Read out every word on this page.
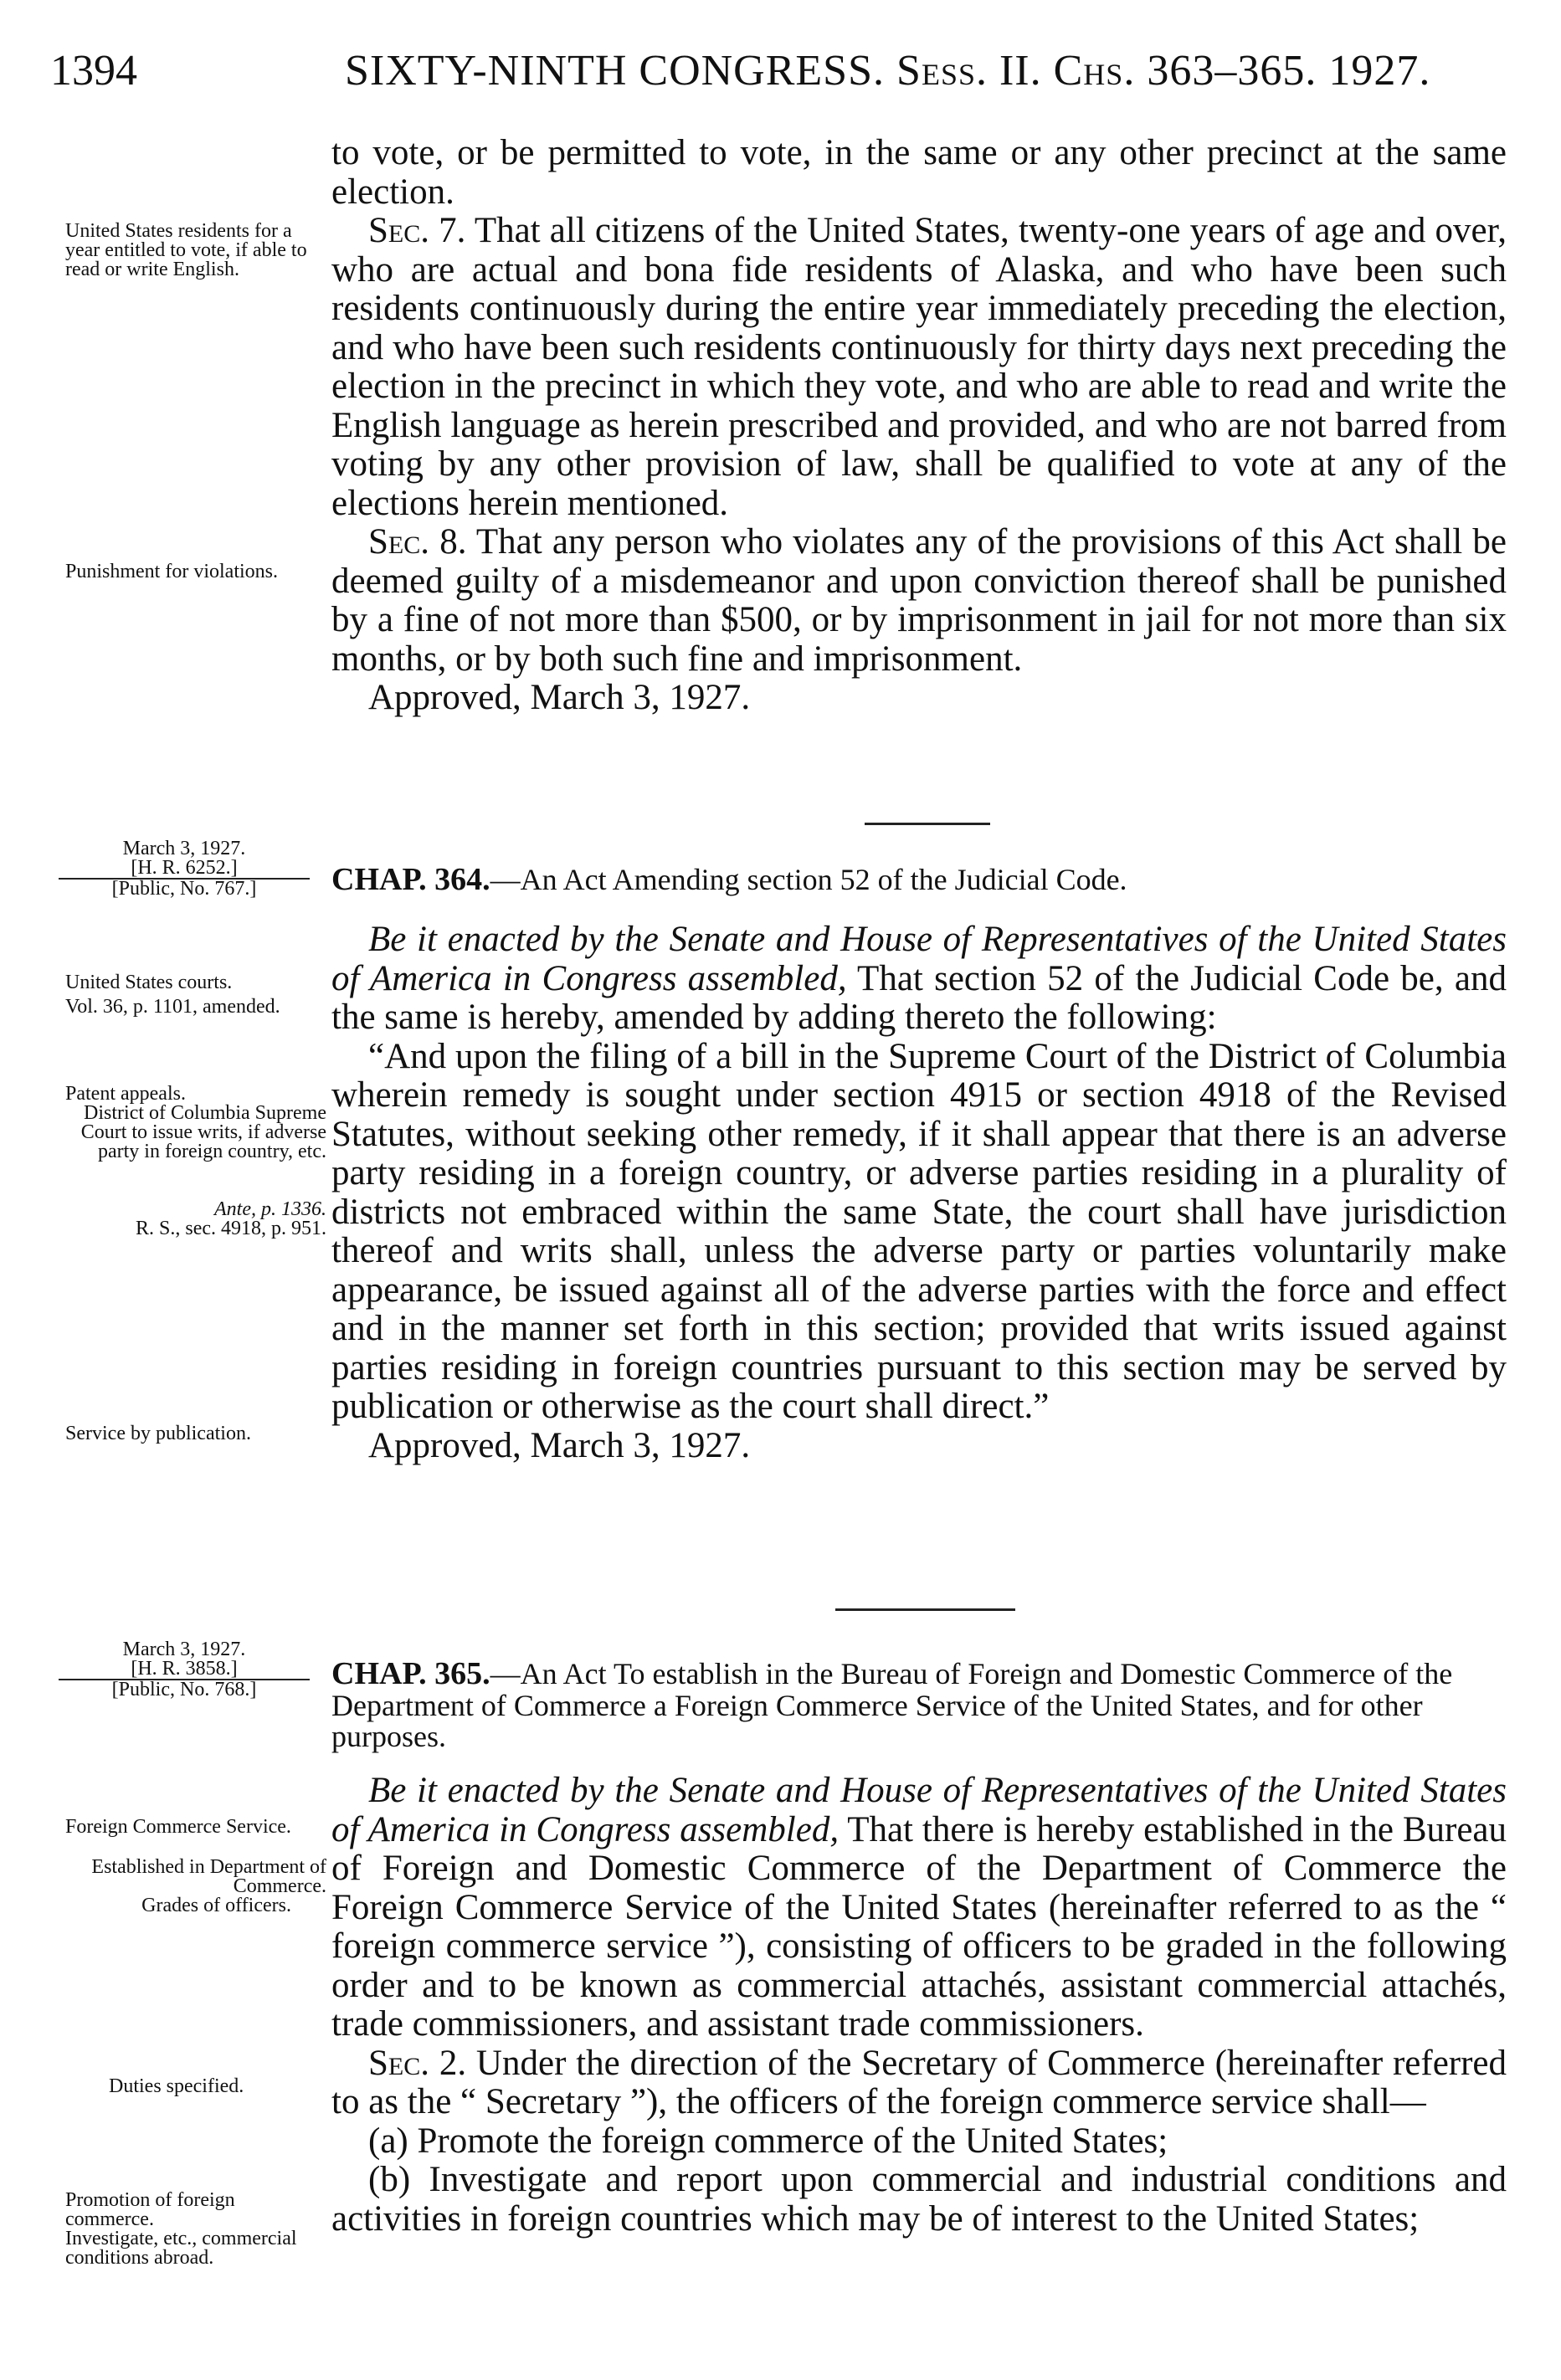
1394	SIXTY-NINTH CONGRESS. Sess. II. Chs. 363–365. 1927.

to vote, or be permitted to vote, in the same or any other precinct at the same election.

Sec. 7. That all citizens of the United States, twenty-one years of age and over, who are actual and bona fide residents of Alaska, and who have been such residents continuously during the entire year immediately preceding the election, and who have been such residents continuously for thirty days next preceding the election in the precinct in which they vote, and who are able to read and write the English language as herein prescribed and provided, and who are not barred from voting by any other provision of law, shall be qualified to vote at any of the elections herein mentioned.

Sec. 8. That any person who violates any of the provisions of this Act shall be deemed guilty of a misdemeanor and upon conviction thereof shall be punished by a fine of not more than $500, or by imprisonment in jail for not more than six months, or by both such fine and imprisonment.

Approved, March 3, 1927.

United States residents for a year entitled to vote, if able to read or write English.
Punishment for violations.
March 3, 1927.
[H. R. 6252.]
[Public, No. 767.]	CHAP. 364.—An Act Amending section 52 of the Judicial Code.

Be it enacted by the Senate and House of Representatives of the United States of America in Congress assembled, That section 52 of the Judicial Code be, and the same is hereby, amended by adding thereto the following:

“And upon the filing of a bill in the Supreme Court of the District of Columbia wherein remedy is sought under section 4915 or section 4918 of the Revised Statutes, without seeking other remedy, if it shall appear that there is an adverse party residing in a foreign country, or adverse parties residing in a plurality of districts not embraced within the same State, the court shall have jurisdiction thereof and writs shall, unless the adverse party or parties voluntarily make appearance, be issued against all of the adverse parties with the force and effect and in the manner set forth in this section; provided that writs issued against parties residing in foreign countries pursuant to this section may be served by publication or otherwise as the court shall direct.”

Approved, March 3, 1927.

United States courts.
Vol. 36, p. 1101, amended.
Patent appeals.
District of Columbia Supreme Court to issue writs, if adverse party in foreign country, etc.
Ante, p. 1336.
R. S., sec. 4918, p. 951.
Service by publication.
March 3, 1927.
[H. R. 3858.]
[Public, No. 768.]	CHAP. 365.—An Act To establish in the Bureau of Foreign and Domestic Commerce of the Department of Commerce a Foreign Commerce Service of the United States, and for other purposes.

Be it enacted by the Senate and House of Representatives of the United States of America in Congress assembled, That there is hereby established in the Bureau of Foreign and Domestic Commerce of the Department of Commerce the Foreign Commerce Service of the United States (hereinafter referred to as the “ foreign commerce service ”), consisting of officers to be graded in the following order and to be known as commercial attachés, assistant commercial attachés, trade commissioners, and assistant trade commissioners.

Sec. 2. Under the direction of the Secretary of Commerce (hereinafter referred to as the “ Secretary ”), the officers of the foreign commerce service shall—

(a) Promote the foreign commerce of the United States;

(b) Investigate and report upon commercial and industrial conditions and activities in foreign countries which may be of interest to the United States;

Foreign Commerce Service.
Established in Department of Commerce.
Grades of officers.
Duties specified.
Promotion of foreign commerce.
Investigate, etc., commercial conditions abroad.
